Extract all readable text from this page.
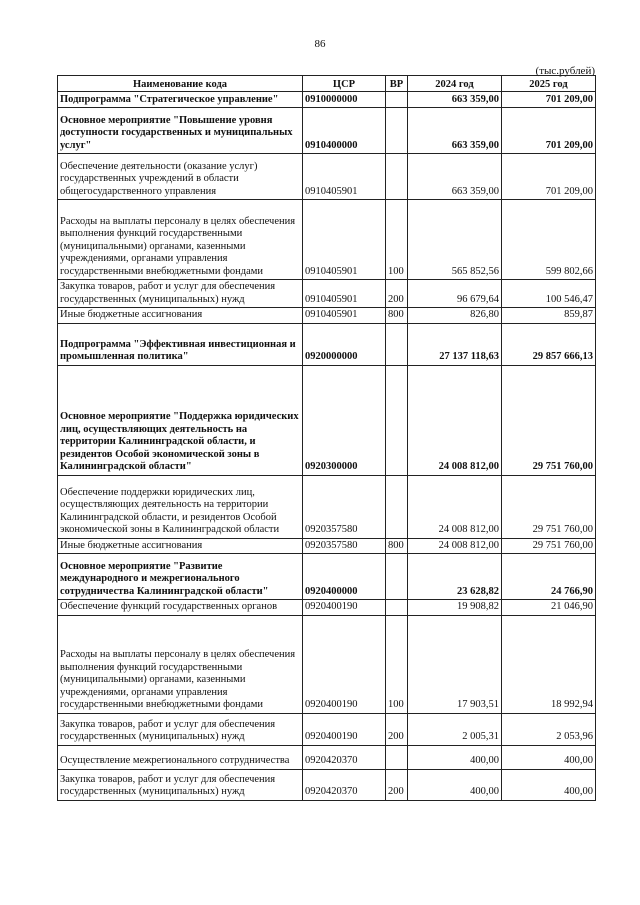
86
(тыс.рублей)
Наименование кода	ЦСР	ВР	2024 год	2025 год
Подпрограмма "Стратегическое управление"	0910000000		663 359,00	701 209,00
Основное мероприятие "Повышение уровня доступности государственных и муниципальных услуг"	0910400000		663 359,00	701 209,00
Обеспечение деятельности (оказание услуг) государственных учреждений в области общегосударственного управления	0910405901		663 359,00	701 209,00
Расходы на выплаты персоналу в целях обеспечения выполнения функций государственными (муниципальными) органами, казенными учреждениями, органами управления государственными внебюджетными фондами	0910405901	100	565 852,56	599 802,66
Закупка товаров, работ и услуг для обеспечения государственных (муниципальных) нужд	0910405901	200	96 679,64	100 546,47
Иные бюджетные ассигнования	0910405901	800	826,80	859,87
Подпрограмма "Эффективная инвестиционная и промышленная политика"	0920000000		27 137 118,63	29 857 666,13
Основное мероприятие "Поддержка юридических лиц, осуществляющих деятельность на территории Калининградской области, и резидентов Особой экономической зоны в Калининградской области"	0920300000		24 008 812,00	29 751 760,00
Обеспечение поддержки юридических лиц, осуществляющих деятельность на территории Калининградской области, и резидентов Особой экономической зоны в Калининградской области	0920357580		24 008 812,00	29 751 760,00
Иные бюджетные ассигнования	0920357580	800	24 008 812,00	29 751 760,00
Основное мероприятие "Развитие международного и межрегионального сотрудничества Калининградской области"	0920400000		23 628,82	24 766,90
Обеспечение функций государственных органов	0920400190		19 908,82	21 046,90
Расходы на выплаты персоналу в целях обеспечения выполнения функций государственными (муниципальными) органами, казенными учреждениями, органами управления государственными внебюджетными фондами	0920400190	100	17 903,51	18 992,94
Закупка товаров, работ и услуг для обеспечения государственных (муниципальных) нужд	0920400190	200	2 005,31	2 053,96
Осуществление межрегионального сотрудничества	0920420370		400,00	400,00
Закупка товаров, работ и услуг для обеспечения государственных (муниципальных) нужд	0920420370	200	400,00	400,00
